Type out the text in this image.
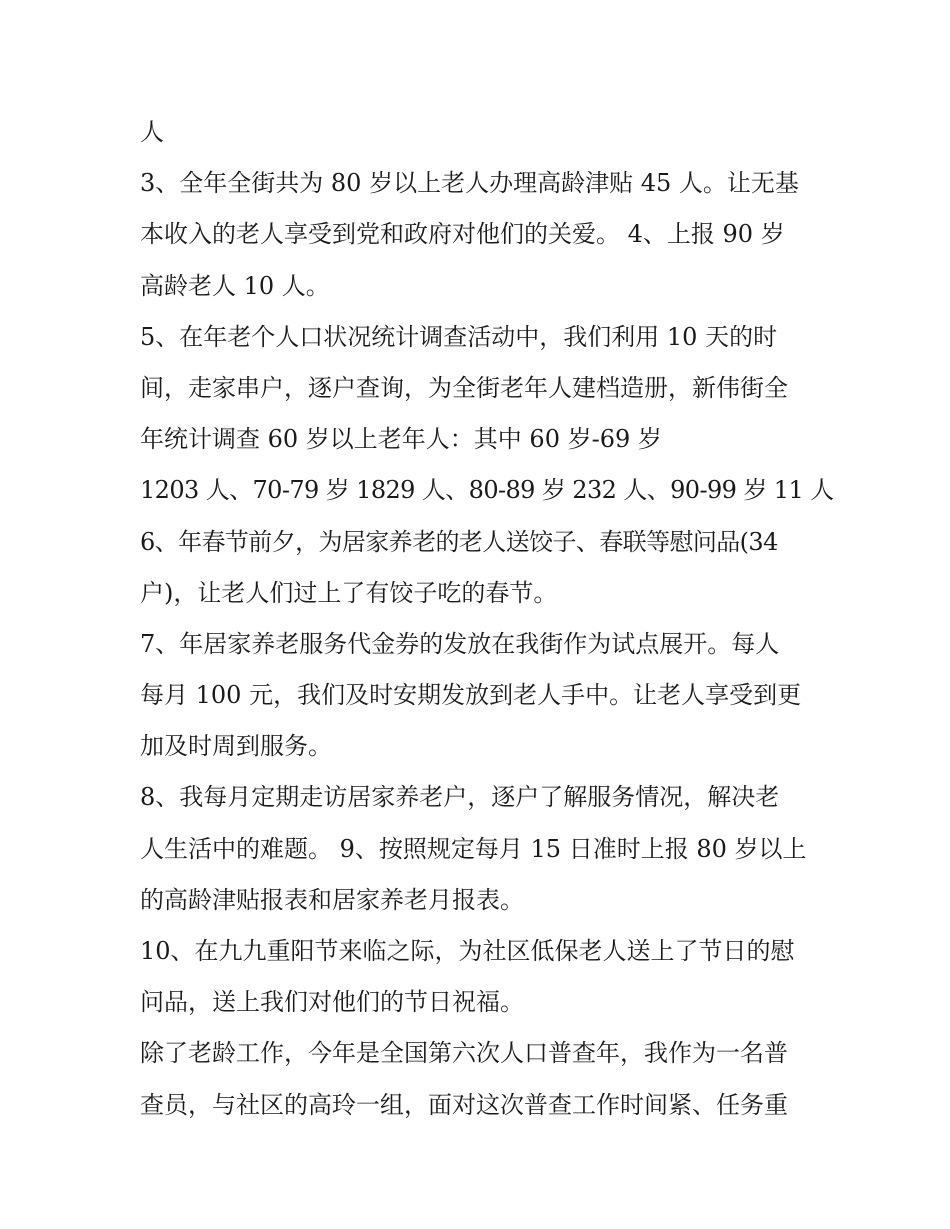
人
3、全年全街共为 80 岁以上老人办理高龄津贴 45 人。让无基
本收入的老人享受到党和政府对他们的关爱。 4、上报 90 岁
高龄老人 10 人。
5、在年老个人口状况统计调查活动中，我们利用 10 天的时
间，走家串户，逐户查询，为全街老年人建档造册，新伟街全
年统计调查 60 岁以上老年人：其中 60 岁-69 岁
1203 人、70-79 岁 1829 人、80-89 岁 232 人、90-99 岁 11 人
6、年春节前夕，为居家养老的老人送饺子、春联等慰问品(34
户)，让老人们过上了有饺子吃的春节。
7、年居家养老服务代金券的发放在我街作为试点展开。每人
每月 100 元，我们及时安期发放到老人手中。让老人享受到更
加及时周到服务。
8、我每月定期走访居家养老户，逐户了解服务情况，解决老
人生活中的难题。 9、按照规定每月 15 日准时上报 80 岁以上
的高龄津贴报表和居家养老月报表。
10、在九九重阳节来临之际，为社区低保老人送上了节日的慰
问品，送上我们对他们的节日祝福。
除了老龄工作，今年是全国第六次人口普查年，我作为一名普
查员，与社区的高玲一组，面对这次普查工作时间紧、任务重
